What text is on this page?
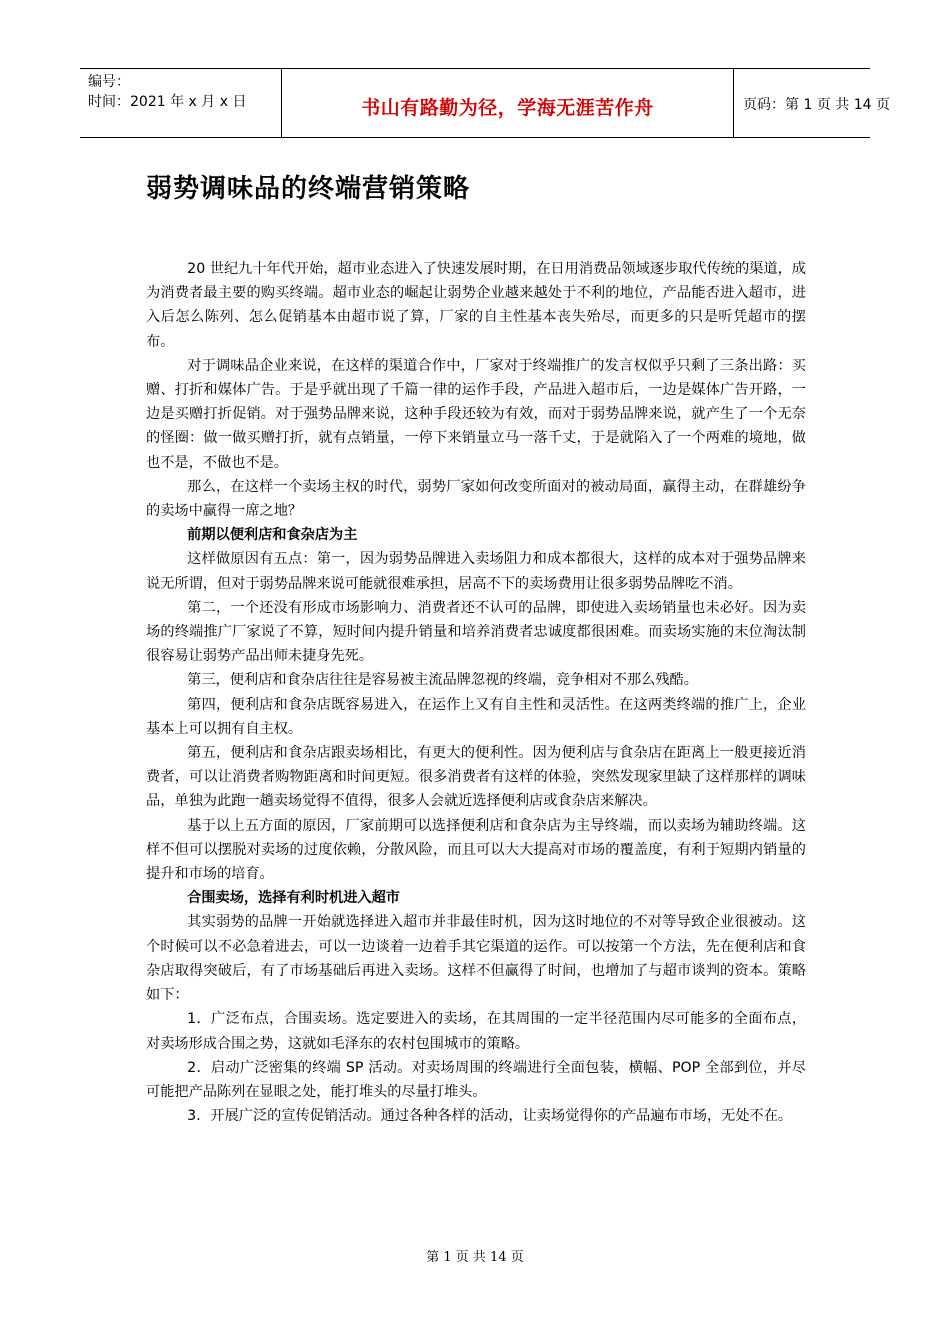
编号：
时间：2021 年 x 月 x 日	书山有路勤为径，学海无涯苦作舟	页码：第 1 页 共 14 页
弱势调味品的终端营销策略

20 世纪九十年代开始，超市业态进入了快速发展时期，在日用消费品领域逐步取代传统的渠道，成为消费者最主要的购买终端。超市业态的崛起让弱势企业越来越处于不利的地位，产品能否进入超市，进入后怎么陈列、怎么促销基本由超市说了算，厂家的自主性基本丧失殆尽，而更多的只是听凭超市的摆布。

对于调味品企业来说，在这样的渠道合作中，厂家对于终端推广的发言权似乎只剩了三条出路：买赠、打折和媒体广告。于是乎就出现了千篇一律的运作手段，产品进入超市后，一边是媒体广告开路，一边是买赠打折促销。对于强势品牌来说，这种手段还较为有效，而对于弱势品牌来说，就产生了一个无奈的怪圈：做一做买赠打折，就有点销量，一停下来销量立马一落千丈，于是就陷入了一个两难的境地，做也不是，不做也不是。

那么，在这样一个卖场主权的时代，弱势厂家如何改变所面对的被动局面，赢得主动，在群雄纷争的卖场中赢得一席之地？

前期以便利店和食杂店为主

这样做原因有五点：第一，因为弱势品牌进入卖场阻力和成本都很大，这样的成本对于强势品牌来说无所谓，但对于弱势品牌来说可能就很难承担，居高不下的卖场费用让很多弱势品牌吃不消。

第二，一个还没有形成市场影响力、消费者还不认可的品牌，即使进入卖场销量也未必好。因为卖场的终端推广厂家说了不算，短时间内提升销量和培养消费者忠诚度都很困难。而卖场实施的末位淘汰制很容易让弱势产品出师未捷身先死。

第三，便利店和食杂店往往是容易被主流品牌忽视的终端，竞争相对不那么残酷。

第四，便利店和食杂店既容易进入，在运作上又有自主性和灵活性。在这两类终端的推广上，企业基本上可以拥有自主权。

第五，便利店和食杂店跟卖场相比，有更大的便利性。因为便利店与食杂店在距离上一般更接近消费者，可以让消费者购物距离和时间更短。很多消费者有这样的体验，突然发现家里缺了这样那样的调味品，单独为此跑一趟卖场觉得不值得，很多人会就近选择便利店或食杂店来解决。

基于以上五方面的原因，厂家前期可以选择便利店和食杂店为主导终端，而以卖场为辅助终端。这样不但可以摆脱对卖场的过度依赖，分散风险，而且可以大大提高对市场的覆盖度，有利于短期内销量的提升和市场的培育。

合围卖场，选择有利时机进入超市

其实弱势的品牌一开始就选择进入超市并非最佳时机，因为这时地位的不对等导致企业很被动。这个时候可以不必急着进去，可以一边谈着一边着手其它渠道的运作。可以按第一个方法，先在便利店和食杂店取得突破后，有了市场基础后再进入卖场。这样不但赢得了时间，也增加了与超市谈判的资本。策略如下：

1．广泛布点，合围卖场。选定要进入的卖场，在其周围的一定半径范围内尽可能多的全面布点，对卖场形成合围之势，这就如毛泽东的农村包围城市的策略。

2．启动广泛密集的终端 SP 活动。对卖场周围的终端进行全面包装，横幅、POP 全部到位，并尽可能把产品陈列在显眼之处，能打堆头的尽量打堆头。

3．开展广泛的宣传促销活动。通过各种各样的活动，让卖场觉得你的产品遍布市场，无处不在。

第 1 页 共 14 页
